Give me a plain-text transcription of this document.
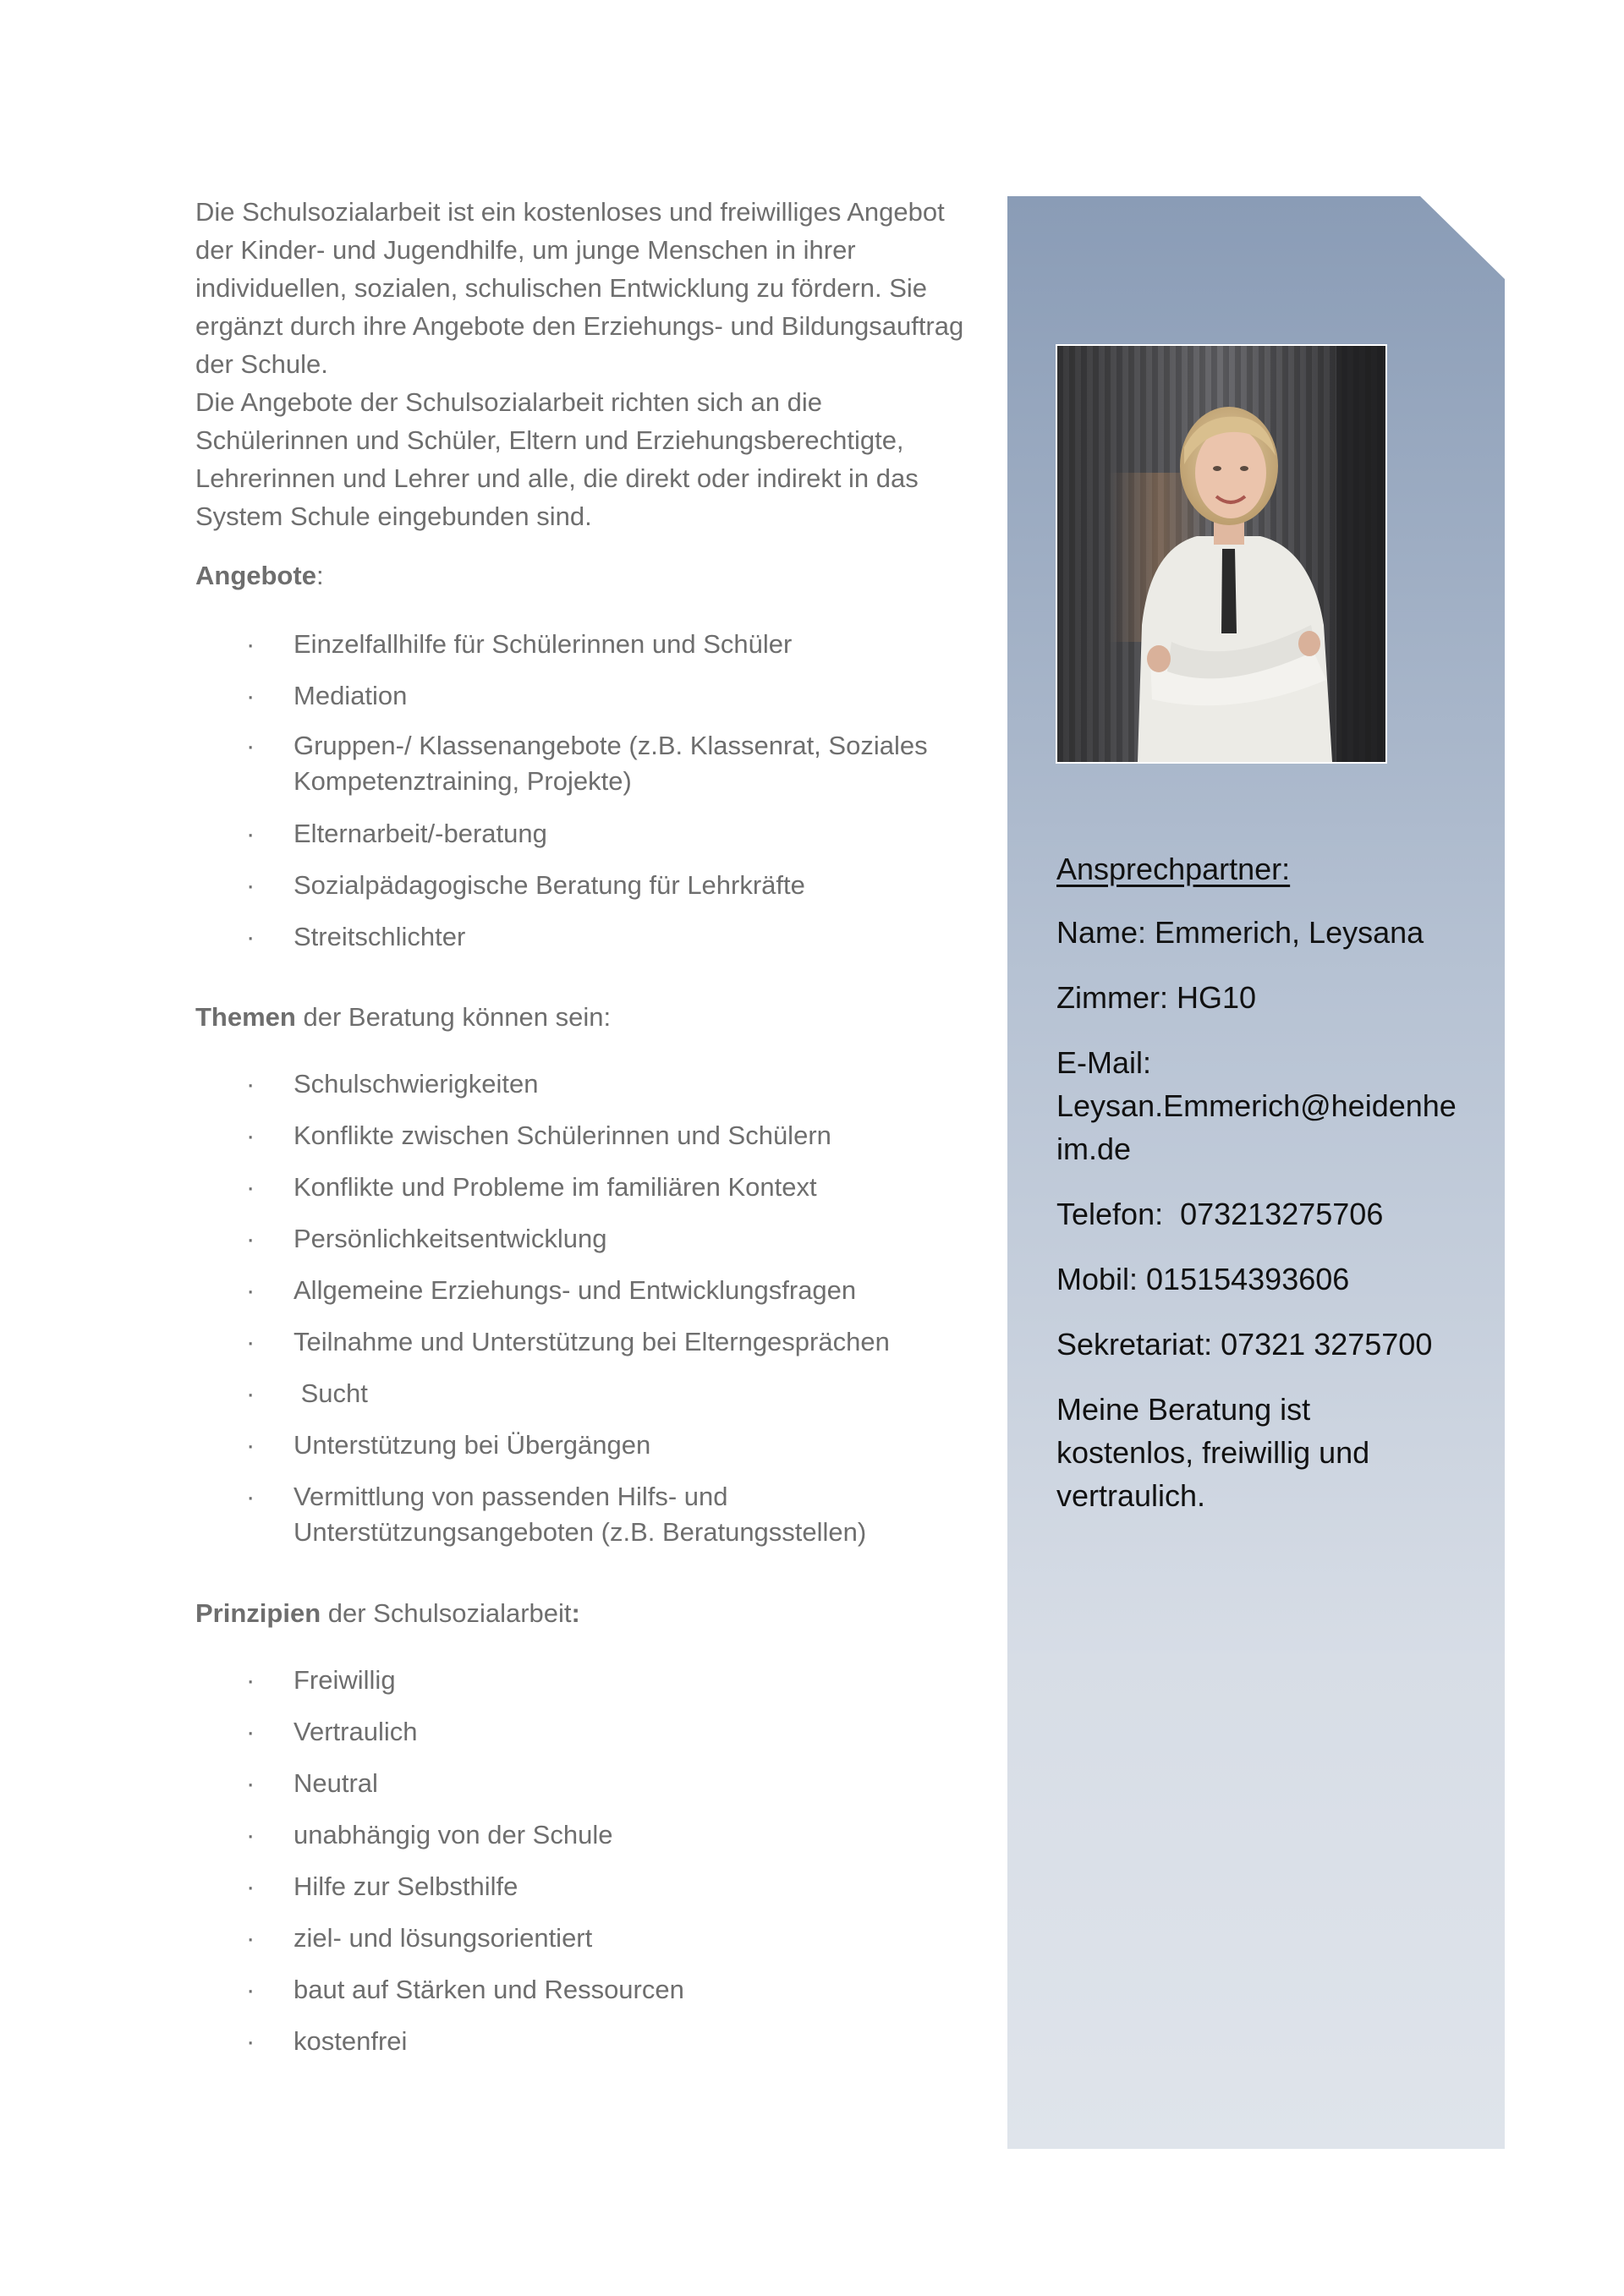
Die Schulsozialarbeit ist ein kostenloses und freiwilliges Angebot

der Kinder- und Jugendhilfe, um junge Menschen in ihrer

individuellen, sozialen, schulischen Entwicklung zu fördern. Sie

ergänzt durch ihre Angebote den Erziehungs- und Bildungsauftrag

der Schule.

Die Angebote der Schulsozialarbeit richten sich an die

Schülerinnen und Schüler, Eltern und Erziehungsberechtigte,

Lehrerinnen und Lehrer und alle, die direkt oder indirekt in das

System Schule eingebunden sind.

Angebote:

· Einzelfallhilfe für Schülerinnen und Schüler
· Mediation
· Gruppen-/ Klassenangebote (z.B. Klassenrat, Soziales
Kompetenztraining, Projekte)
· Elternarbeit/-beratung
· Sozialpädagogische Beratung für Lehrkräfte
· Streitschlichter

Themen der Beratung können sein:

· Schulschwierigkeiten
· Konflikte zwischen Schülerinnen und Schülern
· Konflikte und Probleme im familiären Kontext
· Persönlichkeitsentwicklung
· Allgemeine Erziehungs- und Entwicklungsfragen
· Teilnahme und Unterstützung bei Elterngesprächen
· Sucht
· Unterstützung bei Übergängen
· Vermittlung von passenden Hilfs- und
Unterstützungsangeboten (z.B. Beratungsstellen)

Prinzipien der Schulsozialarbeit:

· Freiwillig
· Vertraulich
· Neutral
· unabhängig von der Schule
· Hilfe zur Selbsthilfe
· ziel- und lösungsorientiert
· baut auf Stärken und Ressourcen
· kostenfrei

Ansprechpartner:

Name: Emmerich, Leysana

Zimmer: HG10

E-Mail:

Leysan.Emmerich@heidenhe
im.de

Telefon:  073213275706

Mobil: 015154393606

Sekretariat: 07321 3275700

Meine Beratung ist
kostenlos, freiwillig und
vertraulich.
